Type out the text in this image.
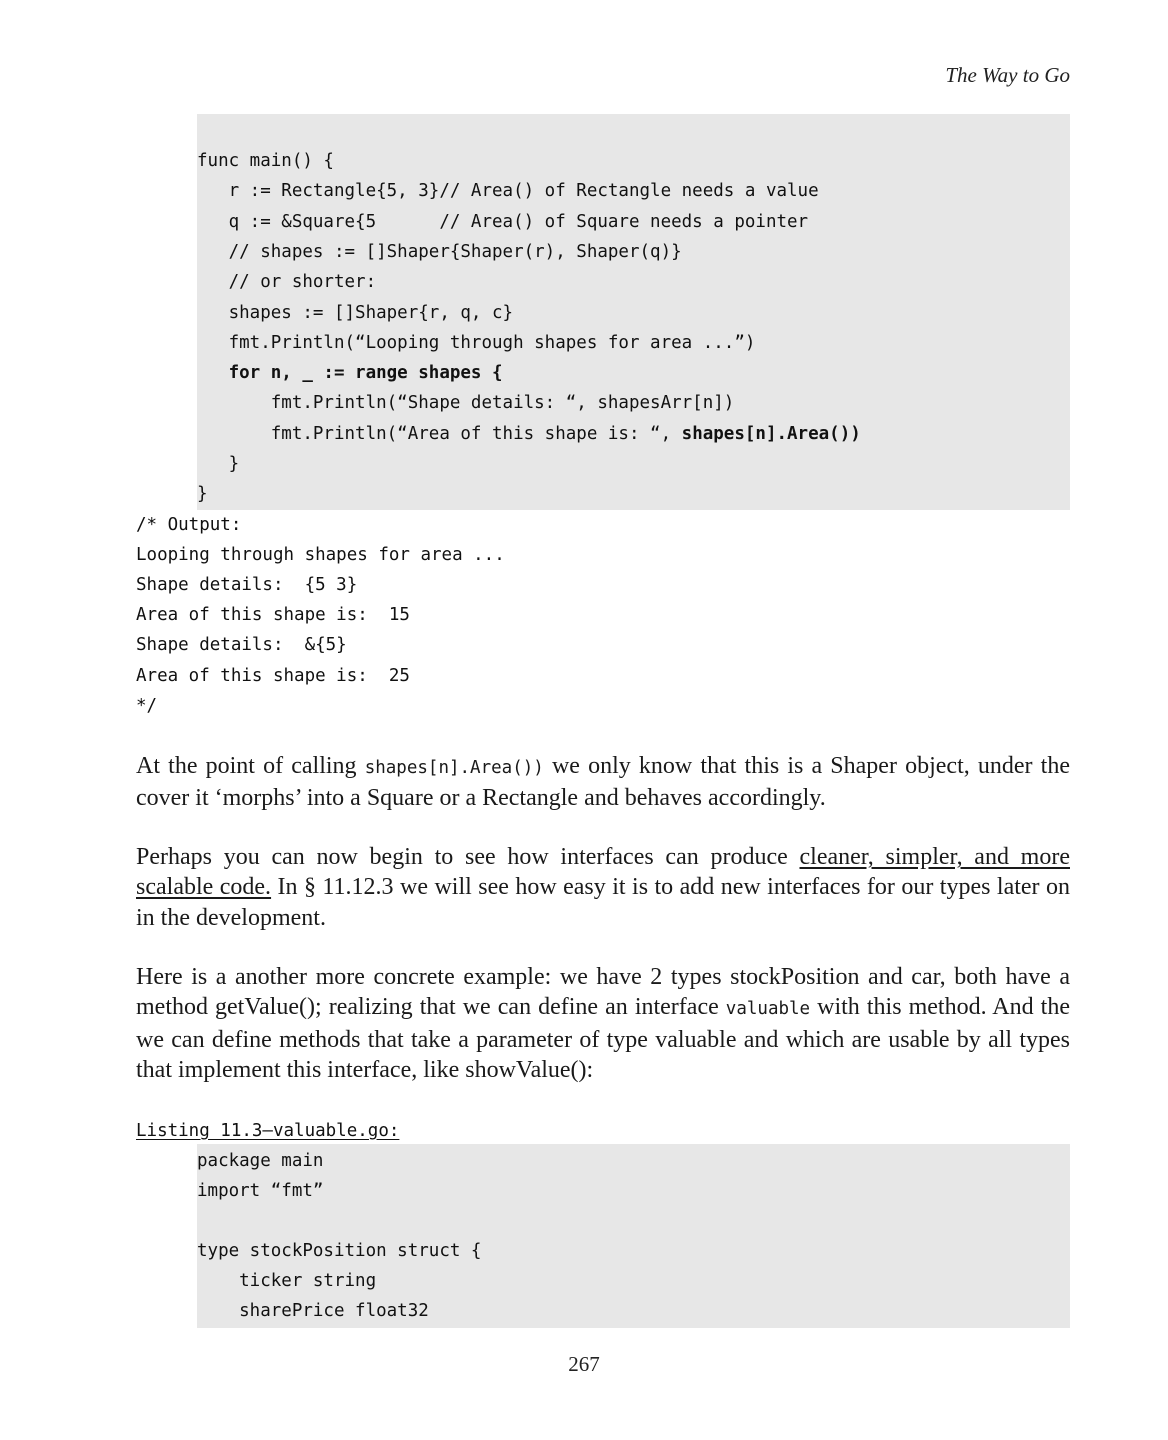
The Way to Go
func main() {
r := Rectangle{5, 3}// Area() of Rectangle needs a value
q := &Square{5      // Area() of Square needs a pointer
// shapes := []Shaper{Shaper(r), Shaper(q)}
// or shorter:
shapes := []Shaper{r, q, c}
fmt.Println(“Looping through shapes for area ...”)
for n, _ := range shapes {
fmt.Println(“Shape details: “, shapesArr[n])
fmt.Println(“Area of this shape is: “, shapes[n].Area())
}
}
/* Output:
Looping through shapes for area ...
Shape details:  {5 3}
Area of this shape is:  15
Shape details:  &{5}
Area of this shape is:  25
*/

At the point of calling shapes[n].Area()) we only know that this is a Shaper object, under the cover it ‘morphs’ into a Square or a Rectangle and behaves accordingly.

Perhaps you can now begin to see how interfaces can produce cleaner, simpler, and more scalable code. In § 11.12.3 we will see how easy it is to add new interfaces for our types later on in the development.

Here is a another more concrete example: we have 2 types stockPosition and car, both have a method getValue(); realizing that we can define an interface valuable with this method. And the we can define methods that take a parameter of type valuable and which are usable by all types that implement this interface, like showValue():

Listing 11.3—valuable.go:
package main
import “fmt”
type stockPosition struct {
ticker string
sharePrice float32
267
